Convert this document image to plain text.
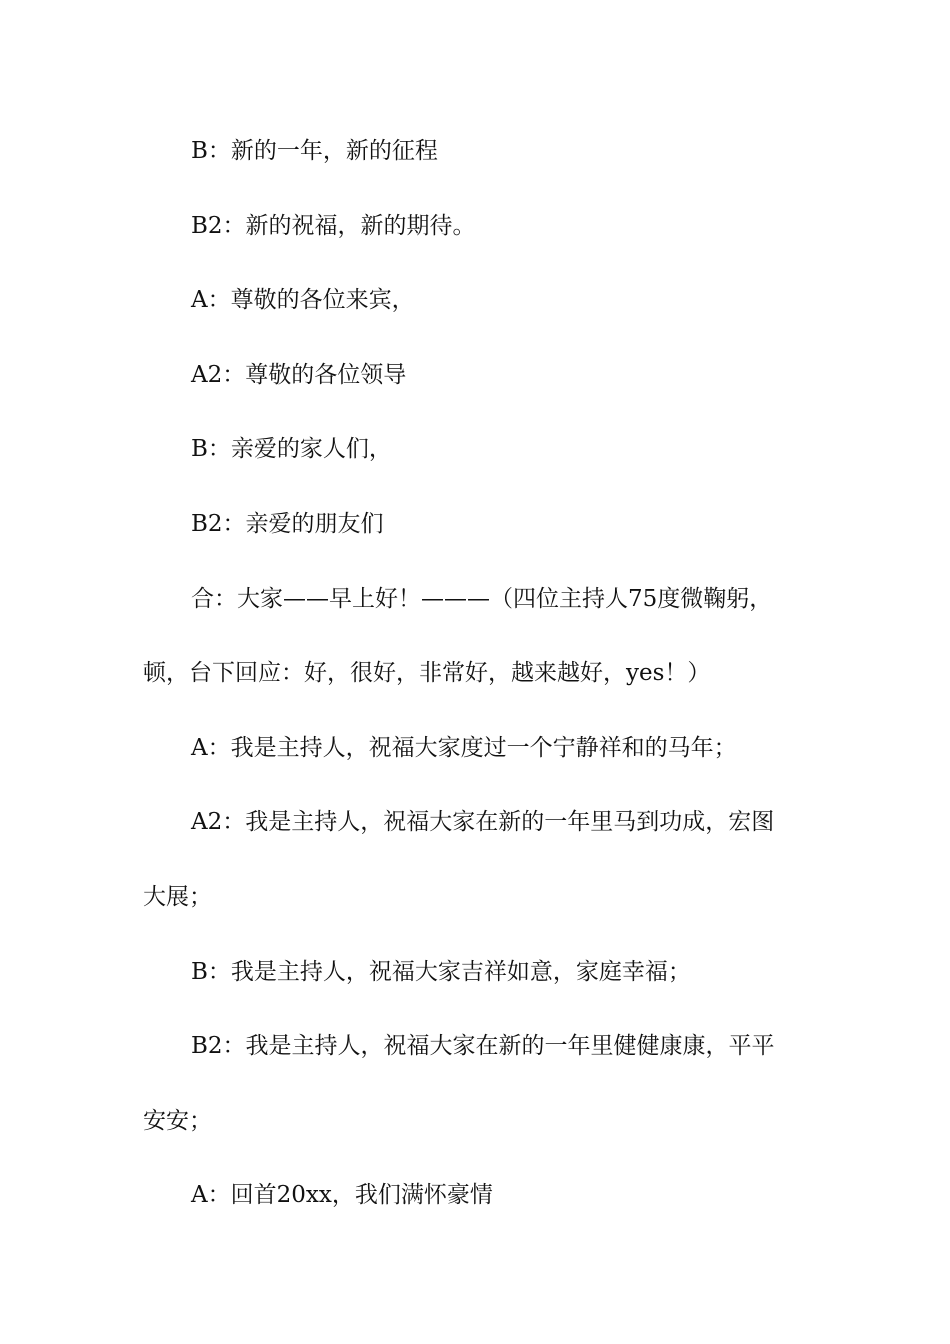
B：新的一年，新的征程
B2：新的祝福，新的期待。
A：尊敬的各位来宾，
A2：尊敬的各位领导
B：亲爱的家人们，
B2：亲爱的朋友们
合：大家——早上好！———（四位主持人75度微鞠躬，
顿，台下回应：好，很好，非常好，越来越好，yes！）
A：我是主持人，祝福大家度过一个宁静祥和的马年；
A2：我是主持人，祝福大家在新的一年里马到功成，宏图
大展；
B：我是主持人，祝福大家吉祥如意，家庭幸福；
B2：我是主持人，祝福大家在新的一年里健健康康，平平
安安；
A：回首20xx，我们满怀豪情
